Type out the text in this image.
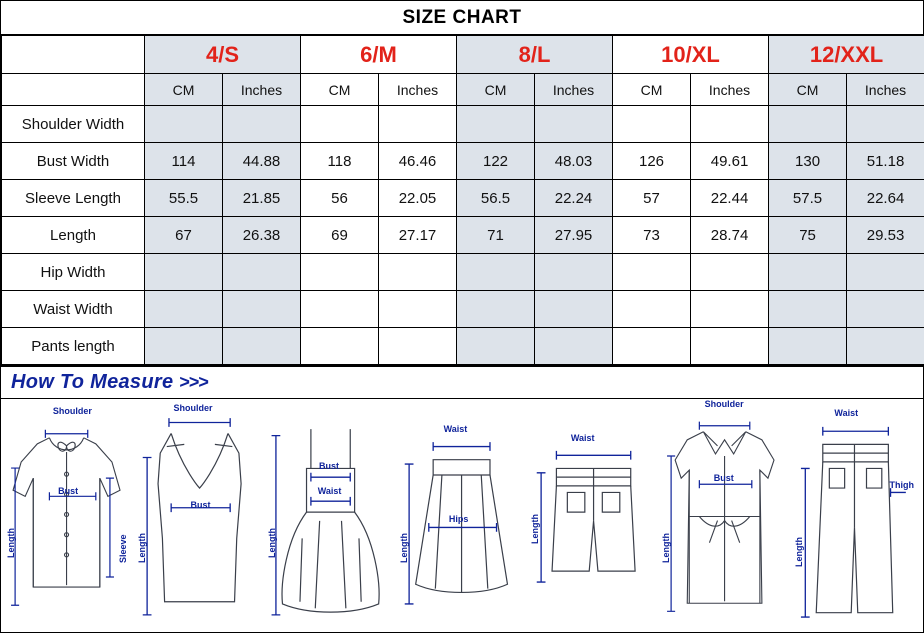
SIZE CHART
	4/S		6/M		8/L		10/XL		12/XXL	
	CM	Inches	CM	Inches	CM	Inches	CM	Inches	CM	Inches
Shoulder Width										
Bust Width	114	44.88	118	46.46	122	48.03	126	49.61	130	51.18
Sleeve Length	55.5	21.85	56	22.05	56.5	22.24	57	22.44	57.5	22.64
Length	67	26.38	69	27.17	71	27.95	73	28.74	75	29.53
Hip Width										
Waist Width										
Pants length										
How To Measure >>>
Shoulder
Bust
Sleeve
Length
Shoulder
Bust
Length
Bust
Waist
Length
Waist
Hips
Length
Waist
Length
Shoulder
Bust
Length
Waist
Thigh
Length
